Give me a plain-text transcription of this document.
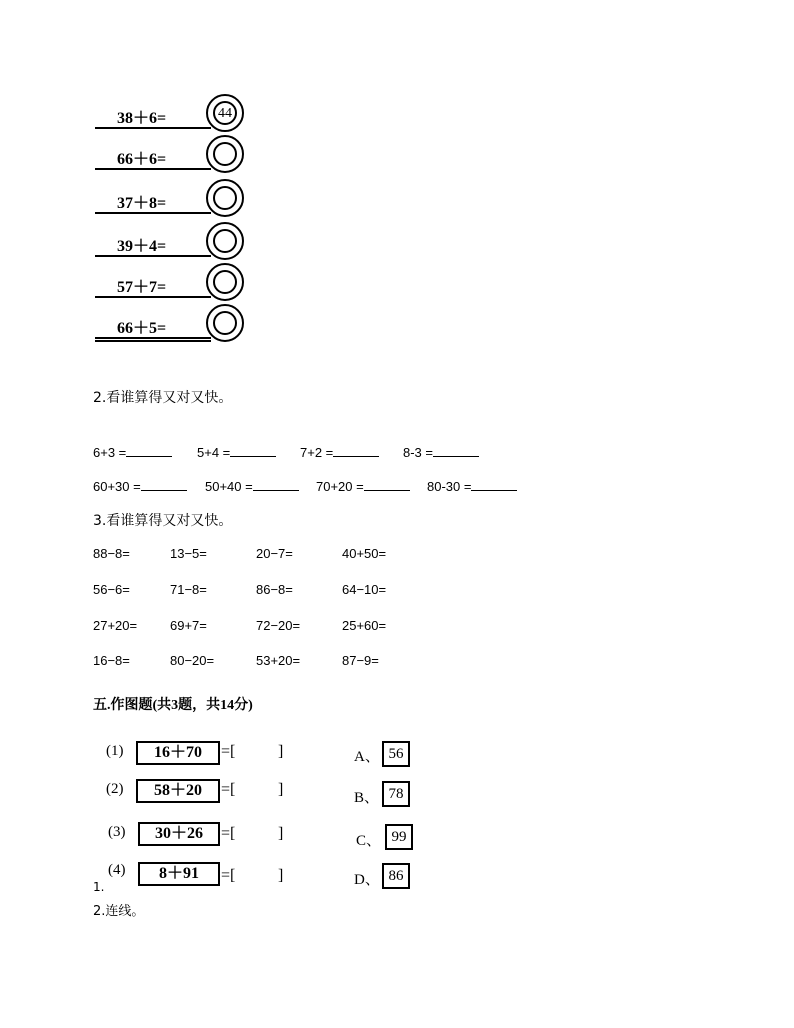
38＋6=	44
66＋6=
37＋8=
39＋4=
57＋7=
66＋5=
2.看谁算得又对又快。
6+3 =	5+4 =	7+2 =	8-3 =
60+30 =	50+40 =	70+20 =	80-30 =
3.看谁算得又对又快。
88−8=	13−5=	20−7=	40+50=
56−6=	71−8=	86−8=	64−10=
27+20=	69+7=	72−20=	25+60=
16−8=	80−20=	53+20=	87−9=
五.作图题(共3题，共14分)
(1)	16＋70	=[	]	A、 56
(2)	58＋20	=[	]	B、 78
(3)	30＋26	=[	]	C、 99
(4)	8＋91	=[	]	D、 86
1.
2.连线。
